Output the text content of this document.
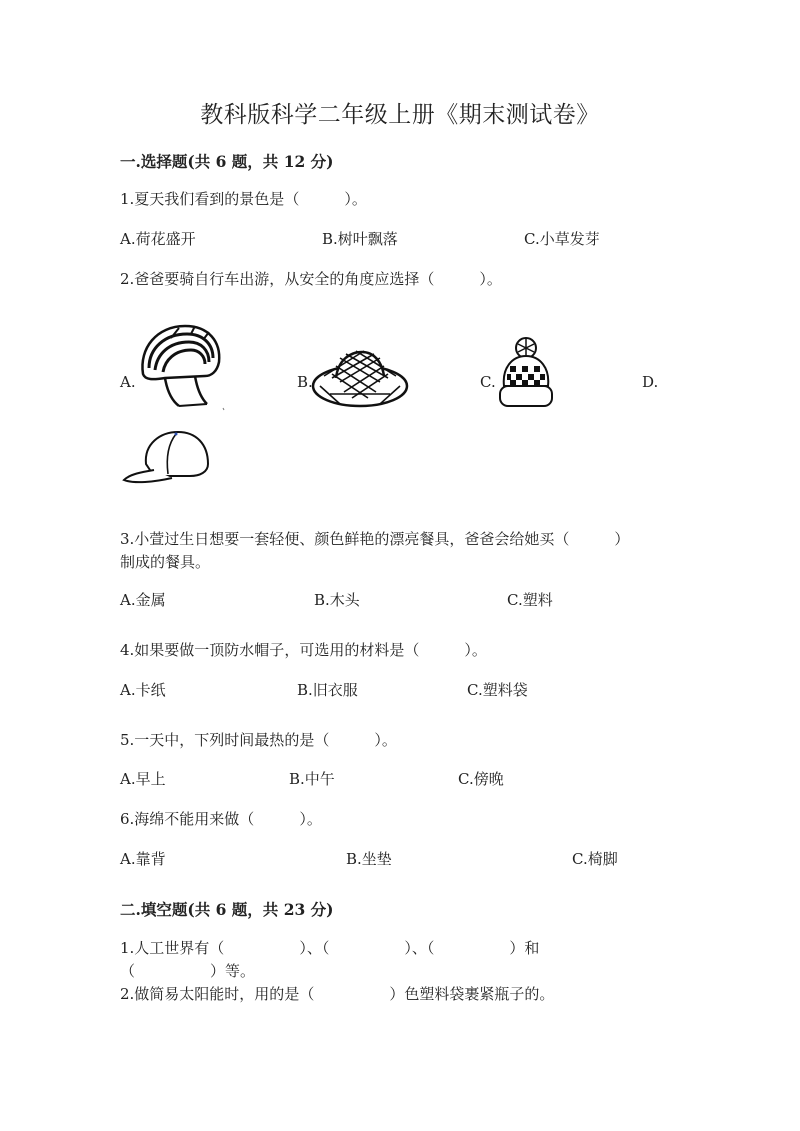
教科版科学二年级上册《期末测试卷》
一.选择题(共 6 题，共 12 分)
1.夏天我们看到的景色是（　　　）。
A.荷花盛开	B.树叶飘落	C.小草发芽
2.爸爸要骑自行车出游，从安全的角度应选择（　　　）。
A.	B.	C.	D.
3.小萱过生日想要一套轻便、颜色鲜艳的漂亮餐具，爸爸会给她买（　　　）
制成的餐具。
A.金属	B.木头	C.塑料
4.如果要做一顶防水帽子，可选用的材料是（　　　）。
A.卡纸	B.旧衣服	C.塑料袋
5.一天中，下列时间最热的是（　　　）。
A.早上	B.中午	C.傍晚
6.海绵不能用来做（　　　）。
A.靠背	B.坐垫	C.椅脚
二.填空题(共 6 题，共 23 分)
1.人工世界有（　　　　　）、（　　　　　）、（　　　　　）和
（　　　　　）等。
2.做简易太阳能时，用的是（　　　　　）色塑料袋裹紧瓶子的。
